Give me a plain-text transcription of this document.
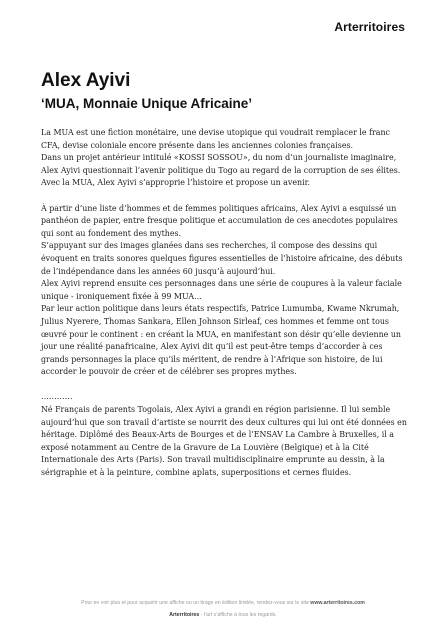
Arterritoires
Alex Ayivi
‘MUA, Monnaie Unique Africaine’

La MUA est une fiction monétaire, une devise utopique qui voudrait remplacer le franc CFA, devise coloniale encore présente dans les anciennes colonies françaises.

Dans un projet antérieur intitulé «KOSSI SOSSOU», du nom d’un journaliste imaginaire, Alex Ayivi questionnait l’avenir politique du Togo au regard de la corruption de ses élites.

Avec la MUA, Alex Ayivi s’approprie l’histoire et propose un avenir.

À partir d’une liste d’hommes et de femmes politiques africains, Alex Ayivi a esquissé un panthéon de papier, entre fresque politique et accumulation de ces anecdotes populaires qui sont au fondement des mythes.

S’appuyant sur des images glanées dans ses recherches, il compose des dessins qui évoquent en traits sonores quelques figures essentielles de l’histoire africaine, des débuts de l’indépendance dans les années 60 jusqu’à aujourd’hui.

Alex Ayivi reprend ensuite ces personnages dans une série de coupures à la valeur faciale unique - ironiquement fixée à 99 MUA…

Par leur action politique dans leurs états respectifs, Patrice Lumumba, Kwame Nkrumah, Julius Nyerere, Thomas Sankara, Ellen Johnson Sirleaf, ces hommes et femme ont tous œuvré pour le continent : en créant la MUA, en manifestant son désir qu’elle devienne un jour une réalité panafricaine, Alex Ayivi dit qu’il est peut-être temps d’accorder à ces grands personnages la place qu’ils méritent, de rendre à l’Afrique son histoire, de lui accorder le pouvoir de créer et de célébrer ses propres mythes.

…………

Né Français de parents Togolais, Alex Ayivi a grandi en région parisienne. Il lui semble aujourd’hui que son travail d’artiste se nourrit des deux cultures qui lui ont été données en héritage. Diplômé des Beaux-Arts de Bourges et de l’ENSAV La Cambre à Bruxelles, il a exposé notamment au Centre de la Gravure de La Louvière (Belgique) et à la Cité Internationale des Arts (Paris). Son travail multidisciplinaire emprunte au dessin, à la sérigraphie et à la peinture, combine aplats, superpositions et cernes fluides.

Pour en voir plus et pour acquérir une affiche ou un tirage en édition limitée, rendez-vous sur le site www.arterritoires.com
Arterritoires - l’art s’affiche à tous les regards.
